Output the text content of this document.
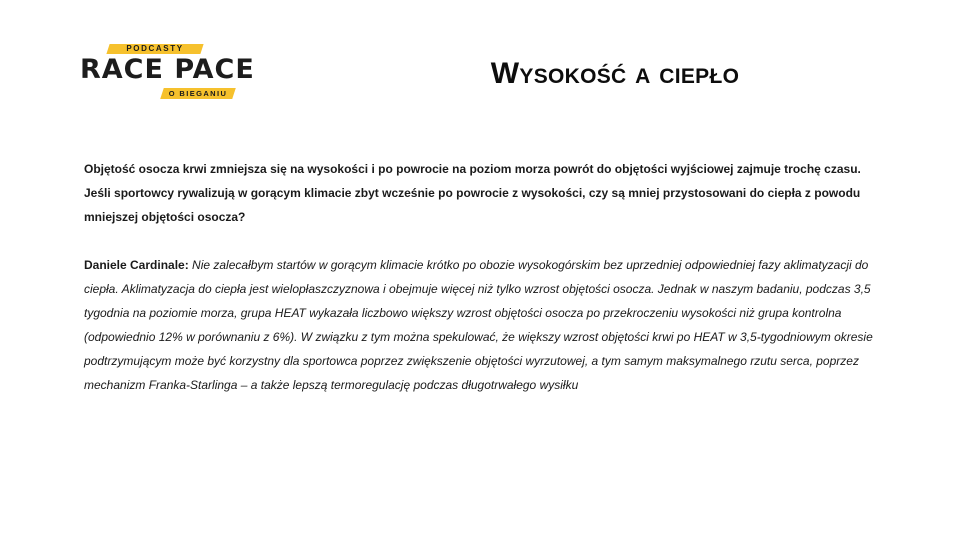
PODCASTY
RACE PACE
O BIEGANIU
Wysokość a ciepło

Objętość osocza krwi zmniejsza się na wysokości i po powrocie na poziom morza powrót do objętości wyjściowej zajmuje trochę czasu. Jeśli sportowcy rywalizują w gorącym klimacie zbyt wcześnie po powrocie z wysokości, czy są mniej przystosowani do ciepła z powodu mniejszej objętości osocza?

Daniele Cardinale: Nie zalecałbym startów w gorącym klimacie krótko po obozie wysokogórskim bez uprzedniej odpowiedniej fazy aklimatyzacji do ciepła. Aklimatyzacja do ciepła jest wielopłaszczyznowa i obejmuje więcej niż tylko wzrost objętości osocza. Jednak w naszym badaniu, podczas 3,5 tygodnia na poziomie morza, grupa HEAT wykazała liczbowo większy wzrost objętości osocza po przekroczeniu wysokości niż grupa kontrolna (odpowiednio 12% w porównaniu z 6%). W związku z tym można spekulować, że większy wzrost objętości krwi po HEAT w 3,5-tygodniowym okresie podtrzymującym może być korzystny dla sportowca poprzez zwiększenie objętości wyrzutowej, a tym samym maksymalnego rzutu serca, poprzez mechanizm Franka-Starlinga – a także lepszą termoregulację podczas długotrwałego wysiłku
